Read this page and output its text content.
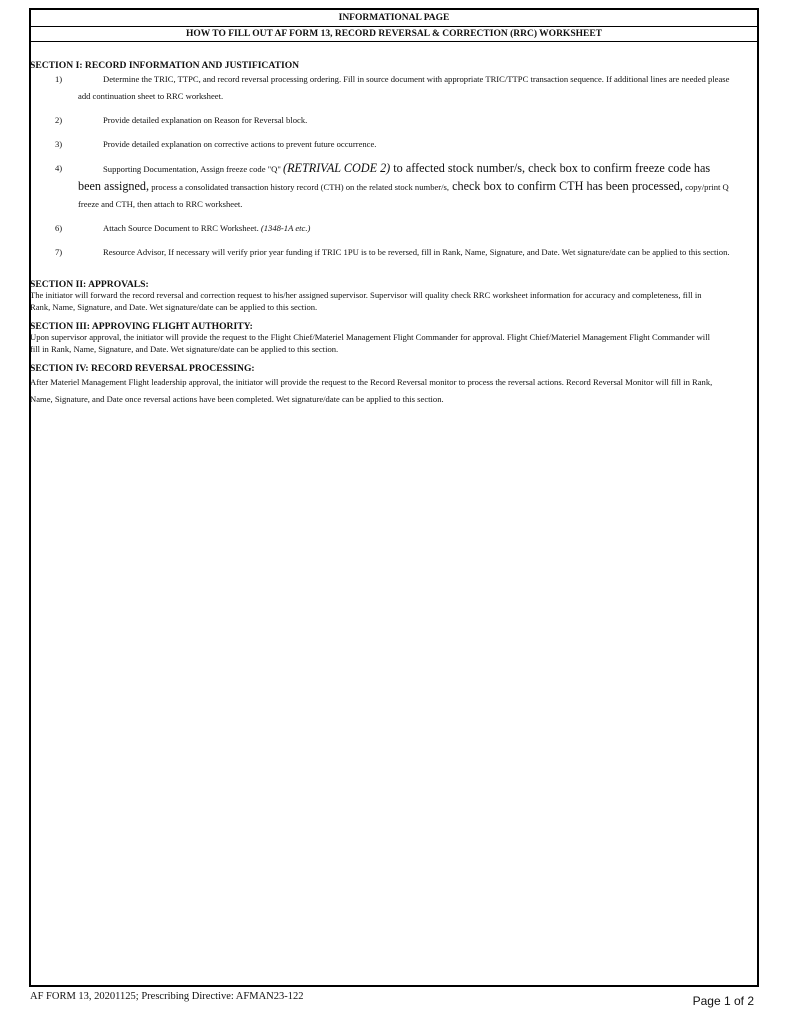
INFORMATIONAL PAGE
HOW TO FILL OUT AF FORM 13, RECORD REVERSAL & CORRECTION (RRC) WORKSHEET
SECTION I: RECORD INFORMATION AND JUSTIFICATION
1)	Determine the TRIC, TTPC, and record reversal processing ordering. Fill in source document with appropriate TRIC/TTPC transaction sequence. If additional lines are needed please add continuation sheet to RRC worksheet.
2)	Provide detailed explanation on Reason for Reversal block.
3)	Provide detailed explanation on corrective actions to prevent future occurrence.
4)	Supporting Documentation, Assign freeze code "Q" (RETRIVAL CODE 2) to affected stock number/s, check box to confirm freeze code has been assigned, process a consolidated transaction history record (CTH) on the related stock number/s, check box to confirm CTH has been processed, copy/print Q freeze and CTH, then attach to RRC worksheet.
6)	Attach Source Document to RRC Worksheet. (1348-1A etc.)
7)	Resource Advisor, If necessary will verify prior year funding if TRIC 1PU is to be reversed, fill in Rank, Name, Signature, and Date. Wet signature/date can be applied to this section.
SECTION II: APPROVALS:
The initiator will forward the record reversal and correction request to his/her assigned supervisor. Supervisor will quality check RRC worksheet information for accuracy and completeness, fill in Rank, Name, Signature, and Date. Wet signature/date can be applied to this section.
SECTION III: APPROVING FLIGHT AUTHORITY:
Upon supervisor approval, the initiator will provide the request to the Flight Chief/Materiel Management Flight Commander for approval. Flight Chief/Materiel Management Flight Commander will fill in Rank, Name, Signature, and Date. Wet signature/date can be applied to this section.
SECTION IV: RECORD REVERSAL PROCESSING:
After Materiel Management Flight leadership approval, the initiator will provide the request to the Record Reversal monitor to process the reversal actions. Record Reversal Monitor will fill in Rank, Name, Signature, and Date once reversal actions have been completed. Wet signature/date can be applied to this section.
AF FORM 13, 20201125; Prescribing Directive: AFMAN23-122	Page 1 of 2
